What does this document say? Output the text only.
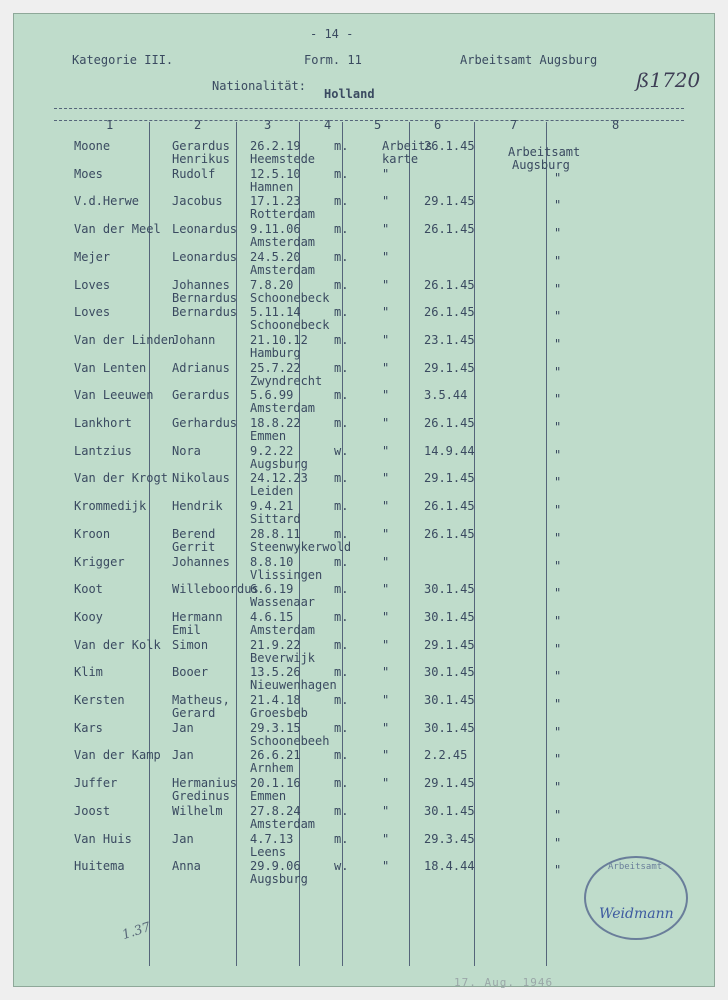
- 14 -
Kategorie III.	Form. 11	Arbeitsamt Augsburg
ß1720
Nationalität:
Holland
1	2	3	4	5	6	7	8
Arbeitsamt
Augsburg
Moone	Gerardus
Henrikus
26.2.19
Heemstede
m.	Arbeits
karte
26.1.45
Moes	Rudolf	12.5.10
Hamnen
m.	"	"
V.d.Herwe	Jacobus 17.1.23
Rotterdam
m.	"	29.1.45	"
Van der Meel Leonardus 9.11.06
Amsterdam
m.	"	26.1.45	"
Mejer	Leonardus 24.5.20
Amsterdam
m.	"	"
Loves	Johannes
Bernardus
7.8.20
Schoonebeck
m.	"	26.1.45	"
Loves	Bernardus 5.11.14
Schoonebeck
m.	"	26.1.45	"
Van der Linden
Johann	21.10.12
Hamburg
m.	"	23.1.45	"
Van Lenten Adrianus 25.7.22
Zwyndrecht
m.	"	29.1.45	"
Van Leeuwen Gerardus 5.6.99
Amsterdam
m.	"	3.5.44	"
Lankhort	Gerhardus 18.8.22
Emmen
m.	"	26.1.45	"
Lantzius	Nora	9.2.22
Augsburg
w.	"	14.9.44	"
Van der Krogt Nikolaus 24.12.23
Leiden
m.	"	29.1.45	"
Krommedijk Hendrik 9.4.21
Sittard
m.	"	26.1.45	"
Kroon	Berend
Gerrit
28.8.11
Steenwykerwold
m.	"	26.1.45	"
Krigger	Johannes 8.8.10
Vlissingen
m.	"	"
Koot	Willeboordus
6.6.19
Wassenaar
m.	"	30.1.45	"
Kooy	Hermann
Emil
4.6.15
Amsterdam
m.	"	30.1.45	"
Van der Kolk Simon	21.9.22
Beverwijk
m.	"	29.1.45	"
Klim	Booer	13.5.26
Nieuwenhagen
m.	"	30.1.45	"
Kersten	Matheus,
Gerard
21.4.18
Groesbeb
m.	"	30.1.45	"
Kars	Jan	29.3.15
Schoonebeeh
m.	"	30.1.45	"
Van der Kamp Jan	26.6.21
Arnhem
m.	"	2.2.45	"
Juffer	Hermanius
Gredinus
20.1.16
Emmen
m.	"	29.1.45	"
Joost	Wilhelm 27.8.24
Amsterdam
m.	"	30.1.45	"
Van Huis	Jan	4.7.13
Leens
m.	"	29.3.45	"
Huitema	Anna	29.9.06
Augsburg
w.	"	18.4.44	"	Arbeitsamt
Weidmann
1.37
17. Aug. 1946
